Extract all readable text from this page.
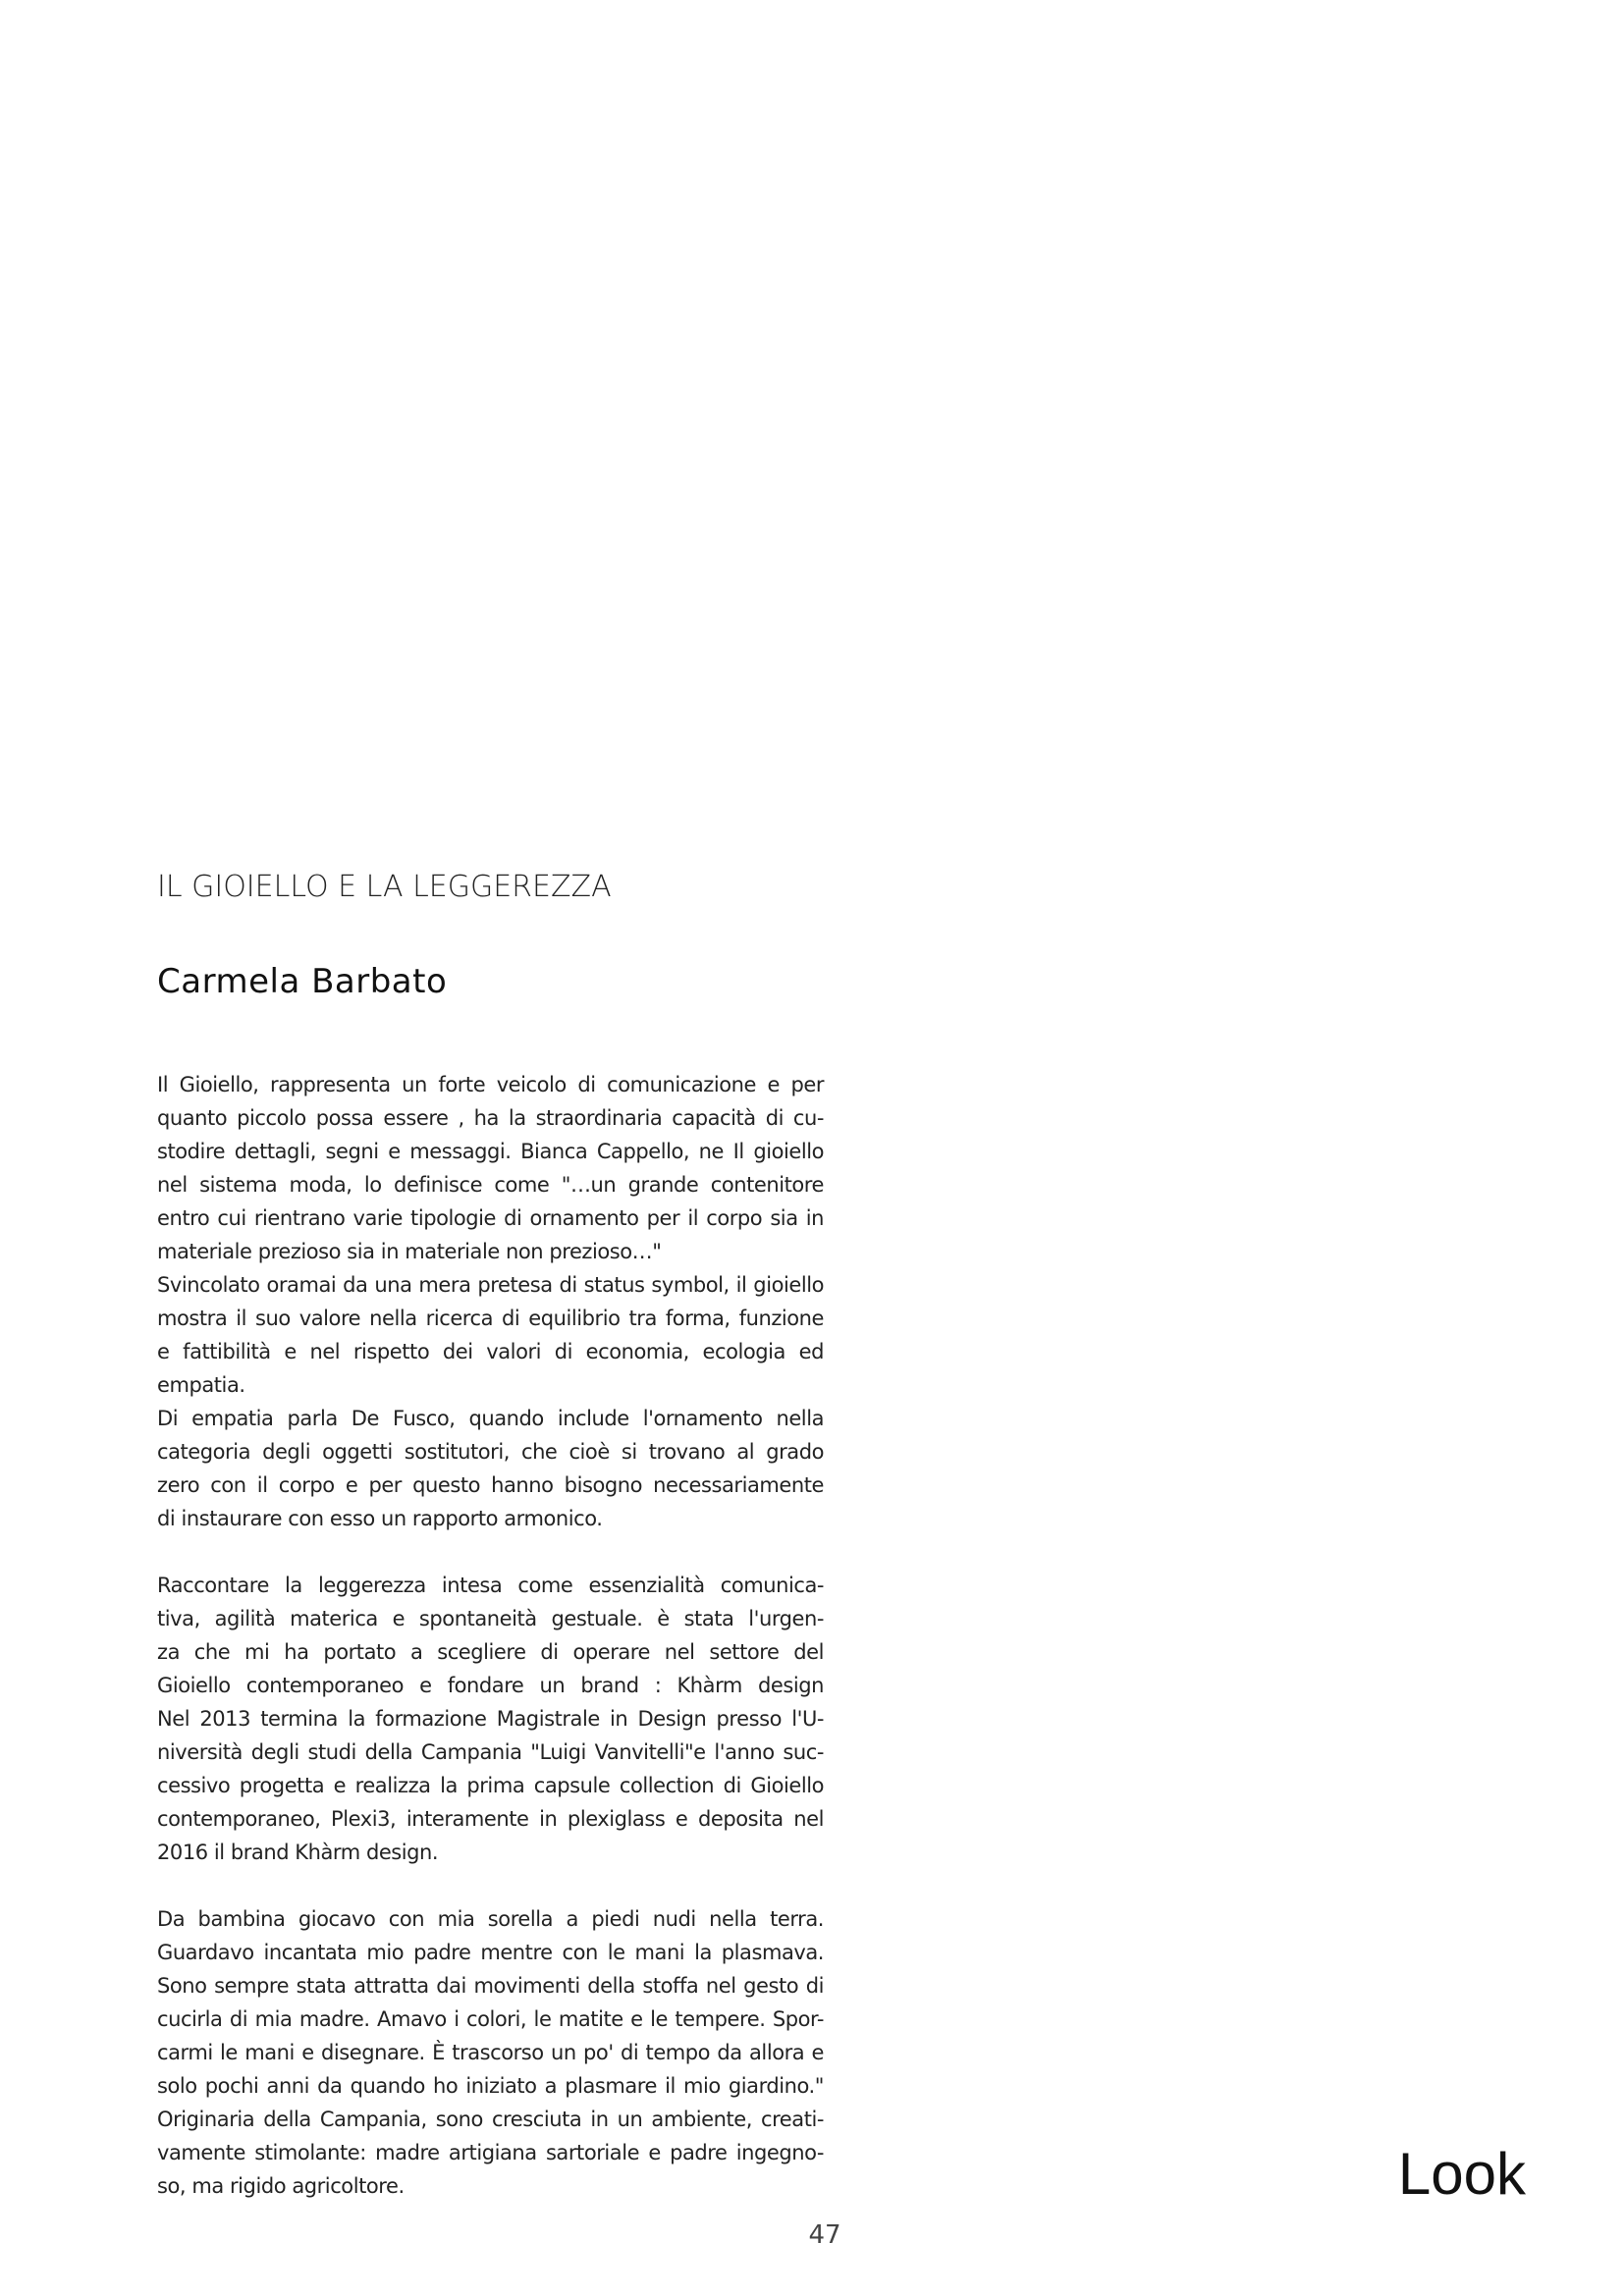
IL GIOIELLO E LA LEGGEREZZA
Carmela Barbato

Il Gioiello, rappresenta un forte veicolo di comunicazione e per
quanto piccolo possa essere , ha la straordinaria capacità di cu-
stodire dettagli, segni e messaggi. Bianca Cappello, ne Il gioiello
nel sistema moda, lo definisce come "…un grande contenitore
entro cui rientrano varie tipologie di ornamento per il corpo sia in
materiale prezioso sia in materiale non prezioso…"
Svincolato oramai da una mera pretesa di status symbol, il gioiello
mostra il suo valore nella ricerca di equilibrio tra forma, funzione
e fattibilità e nel rispetto dei valori di economia, ecologia ed
empatia.
Di empatia parla De Fusco, quando include l'ornamento nella
categoria degli oggetti sostitutori, che cioè si trovano al grado
zero con il corpo e per questo hanno bisogno necessariamente
di instaurare con esso un rapporto armonico.

Raccontare la leggerezza intesa come essenzialità comunica-
tiva, agilità materica e spontaneità gestuale. è stata l'urgen-
za che mi ha portato a scegliere di operare nel settore del
Gioiello contemporaneo e fondare un brand : Khàrm design
Nel 2013 termina la formazione Magistrale in Design presso l'U-
niversità degli studi della Campania "Luigi Vanvitelli"e l'anno suc-
cessivo progetta e realizza la prima capsule collection di Gioiello
contemporaneo, Plexi3, interamente in plexiglass e deposita nel
2016 il brand Khàrm design.

Da bambina giocavo con mia sorella a piedi nudi nella terra.
Guardavo incantata mio padre mentre con le mani la plasmava.
Sono sempre stata attratta dai movimenti della stoffa nel gesto di
cucirla di mia madre. Amavo i colori, le matite e le tempere. Spor-
carmi le mani e disegnare. È trascorso un po' di tempo da allora e
solo pochi anni da quando ho iniziato a plasmare il mio giardino."
Originaria della Campania, sono cresciuta in un ambiente, creati-
vamente stimolante: madre artigiana sartoriale e padre ingegno-
so, ma rigido agricoltore.

47
Look
